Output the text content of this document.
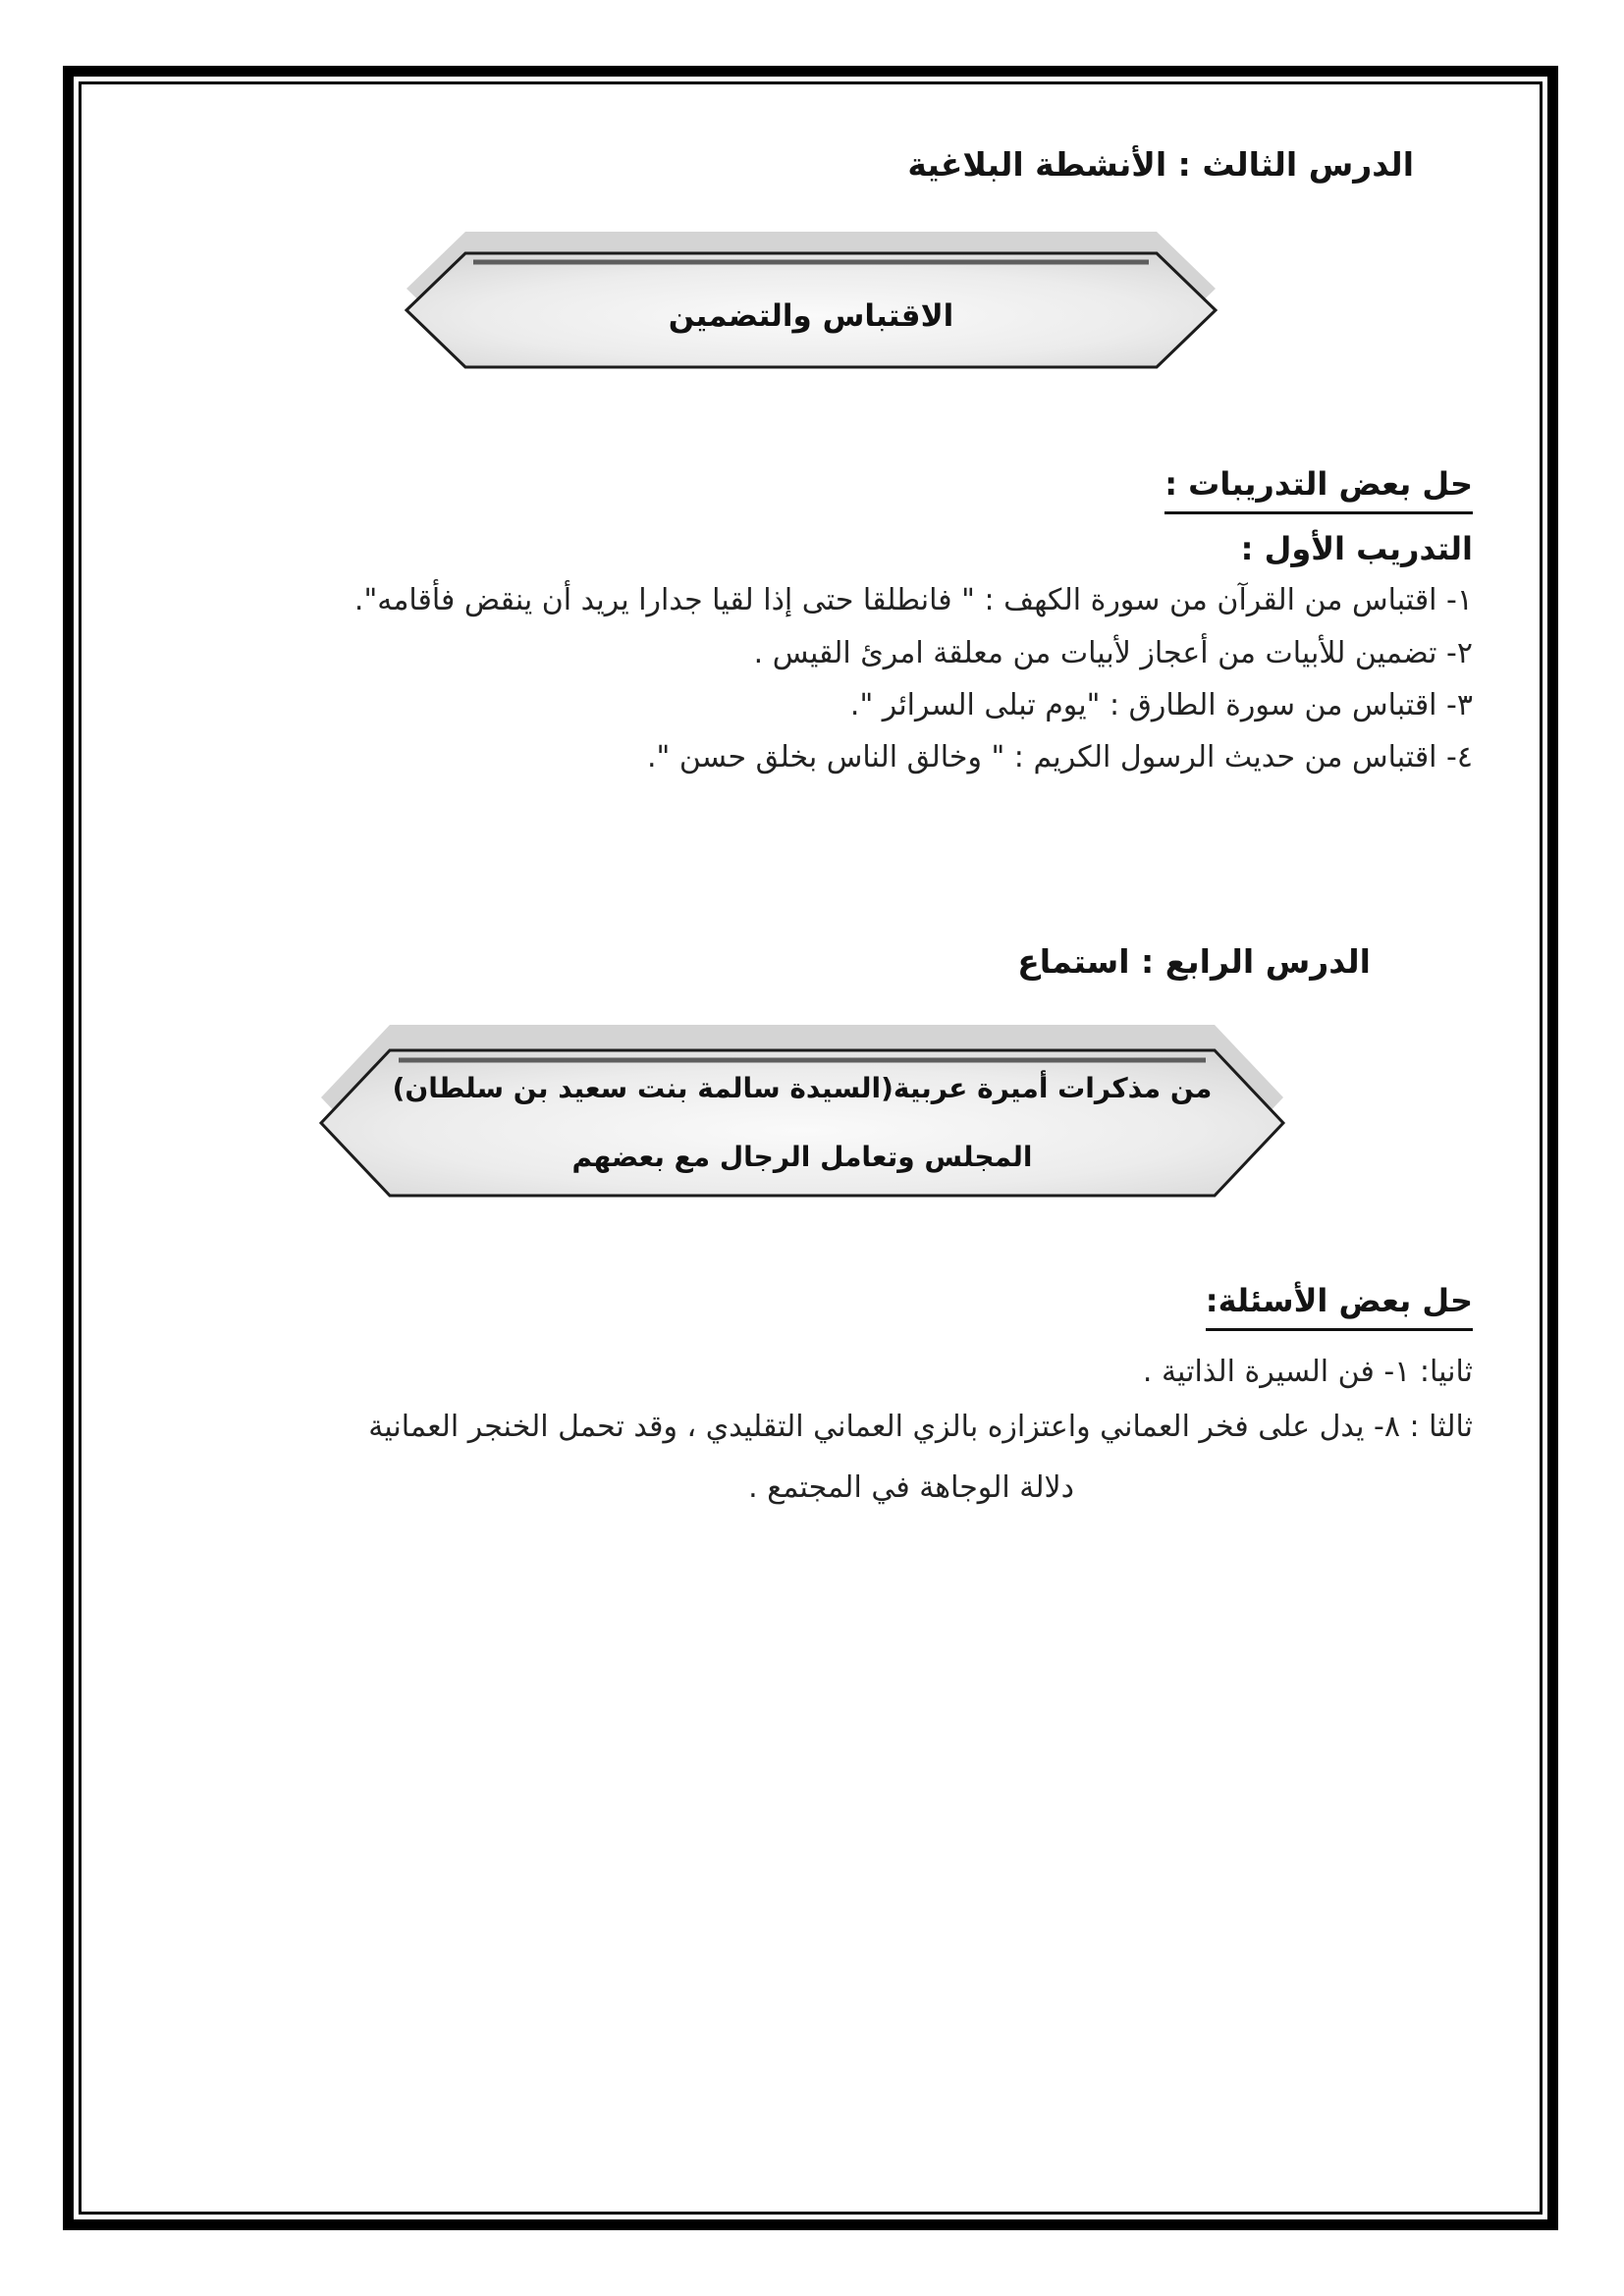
الدرس الثالث : الأنشطة البلاغية
الاقتباس والتضمين
حل بعض التدريبات :
التدريب الأول :
١- اقتباس من القرآن من سورة الكهف : " فانطلقا حتى إذا لقيا جدارا يريد أن ينقض فأقامه".
٢- تضمين للأبيات من أعجاز لأبيات من معلقة امرئ القيس .
٣- اقتباس من سورة الطارق : "يوم تبلى السرائر ".
٤- اقتباس من حديث الرسول الكريم : " وخالق الناس بخلق حسن ".
الدرس الرابع : استماع
من مذكرات أميرة عربية(السيدة سالمة بنت سعيد بن سلطان)
المجلس وتعامل الرجال مع بعضهم
حل بعض الأسئلة:
ثانيا: ١- فن السيرة الذاتية .
ثالثا : ٨- يدل على فخر العماني واعتزازه بالزي العماني التقليدي ، وقد تحمل الخنجر العمانية
دلالة الوجاهة في المجتمع .
